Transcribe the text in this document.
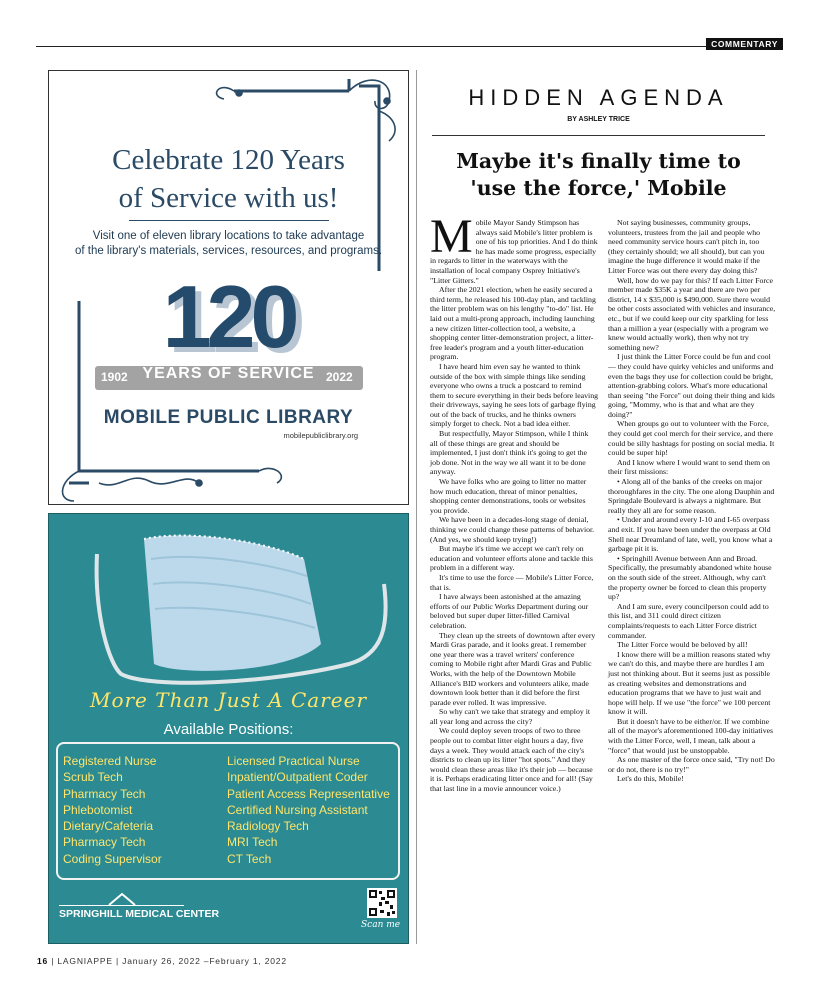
COMMENTARY
Celebrate 120 Years
of Service with us!
Visit one of eleven library locations to take advantage
of the library's materials, services, resources, and programs.
120
1902 YEARS OF SERVICE 2022
MOBILE PUBLIC LIBRARY
mobilepubliclibrary.org
More Than Just A Career
Available Positions:
Registered Nurse
Scrub Tech
Pharmacy Tech
Phlebotomist
Dietary/Cafeteria
Pharmacy Tech
Coding Supervisor
Licensed Practical Nurse
Inpatient/Outpatient Coder
Patient Access Representative
Certified Nursing Assistant
Radiology Tech
MRI Tech
CT Tech
SPRINGHILL MEDICAL CENTER
Scan me
HIDDEN AGENDA
BY ASHLEY TRICE
Maybe it's finally time to
'use the force,' Mobile

Mobile Mayor Sandy Stimpson has always said Mobile's litter problem is one of his top priorities. And I do think he has made some progress, especially in regards to litter in the waterways with the installation of local company Osprey Initiative's "Litter Gitters."

After the 2021 election, when he easily secured a third term, he released his 100-day plan, and tackling the litter problem was on his lengthy "to-do" list. He laid out a multi-prong approach, including launching a new citizen litter-collection tool, a website, a shopping center litter-demonstration project, a litter-free leader's program and a youth litter-education program.

I have heard him even say he wanted to think outside of the box with simple things like sending everyone who owns a truck a postcard to remind them to secure everything in their beds before leaving their driveways, saying he sees lots of garbage flying out of the back of trucks, and he thinks owners simply forget to check. Not a bad idea either.

But respectfully, Mayor Stimpson, while I think all of these things are great and should be implemented, I just don't think it's going to get the job done. Not in the way we all want it to be done anyway.

We have folks who are going to litter no matter how much education, threat of minor penalties, shopping center demonstrations, tools or websites you provide.

We have been in a decades-long stage of denial, thinking we could change these patterns of behavior. (And yes, we should keep trying!)

But maybe it's time we accept we can't rely on education and volunteer efforts alone and tackle this problem in a different way.

It's time to use the force — Mobile's Litter Force, that is.

I have always been astonished at the amazing efforts of our Public Works Department during our beloved but super duper litter-filled Carnival celebration.

They clean up the streets of downtown after every Mardi Gras parade, and it looks great. I remember one year there was a travel writers' conference coming to Mobile right after Mardi Gras and Public Works, with the help of the Downtown Mobile Alliance's BID workers and volunteers alike, made downtown look better than it did before the first parade ever rolled. It was impressive.

So why can't we take that strategy and employ it all year long and across the city?

We could deploy seven troops of two to three people out to combat litter eight hours a day, five days a week. They would attack each of the city's districts to clean up its litter "hot spots." And they would clean these areas like it's their job — because it is. Perhaps eradicating litter once and for all! (Say that last line in a movie announcer voice.)

Not saying businesses, community groups, volunteers, trustees from the jail and people who need community service hours can't pitch in, too (they certainly should; we all should), but can you imagine the huge difference it would make if the Litter Force was out there every day doing this?

Well, how do we pay for this? If each Litter Force member made $35K a year and there are two per district, 14 x $35,000 is $490,000. Sure there would be other costs associated with vehicles and insurance, etc., but if we could keep our city sparkling for less than a million a year (especially with a program we knew would actually work), then why not try something new?

I just think the Litter Force could be fun and cool — they could have quirky vehicles and uniforms and even the bags they use for collection could be bright, attention-grabbing colors. What's more educational than seeing "the Force" out doing their thing and kids going, "Mommy, who is that and what are they doing?"

When groups go out to volunteer with the Force, they could get cool merch for their service, and there could be silly hashtags for posting on social media. It could be super hip!

And I know where I would want to send them on their first missions:

• Along all of the banks of the creeks on major thoroughfares in the city. The one along Dauphin and Springdale Boulevard is always a nightmare. But really they all are for some reason.

• Under and around every I-10 and I-65 overpass and exit. If you have been under the overpass at Old Shell near Dreamland of late, well, you know what a garbage pit it is.

• Springhill Avenue between Ann and Broad. Specifically, the presumably abandoned white house on the south side of the street. Although, why can't the property owner be forced to clean this property up?

And I am sure, every councilperson could add to this list, and 311 could direct citizen complaints/requests to each Litter Force district commander.

The Litter Force would be beloved by all!

I know there will be a million reasons stated why we can't do this, and maybe there are hurdles I am just not thinking about. But it seems just as possible as creating websites and demonstrations and education programs that we have to just wait and hope will help. If we use "the force" we 100 percent know it will.

But it doesn't have to be either/or. If we combine all of the mayor's aforementioned 100-day initiatives with the Litter Force, well, I mean, talk about a "force" that would just be unstoppable.

As one master of the force once said, "Try not! Do or do not, there is no try!"

Let's do this, Mobile!

16 | LAGNIAPPE | January 26, 2022 –February 1, 2022
